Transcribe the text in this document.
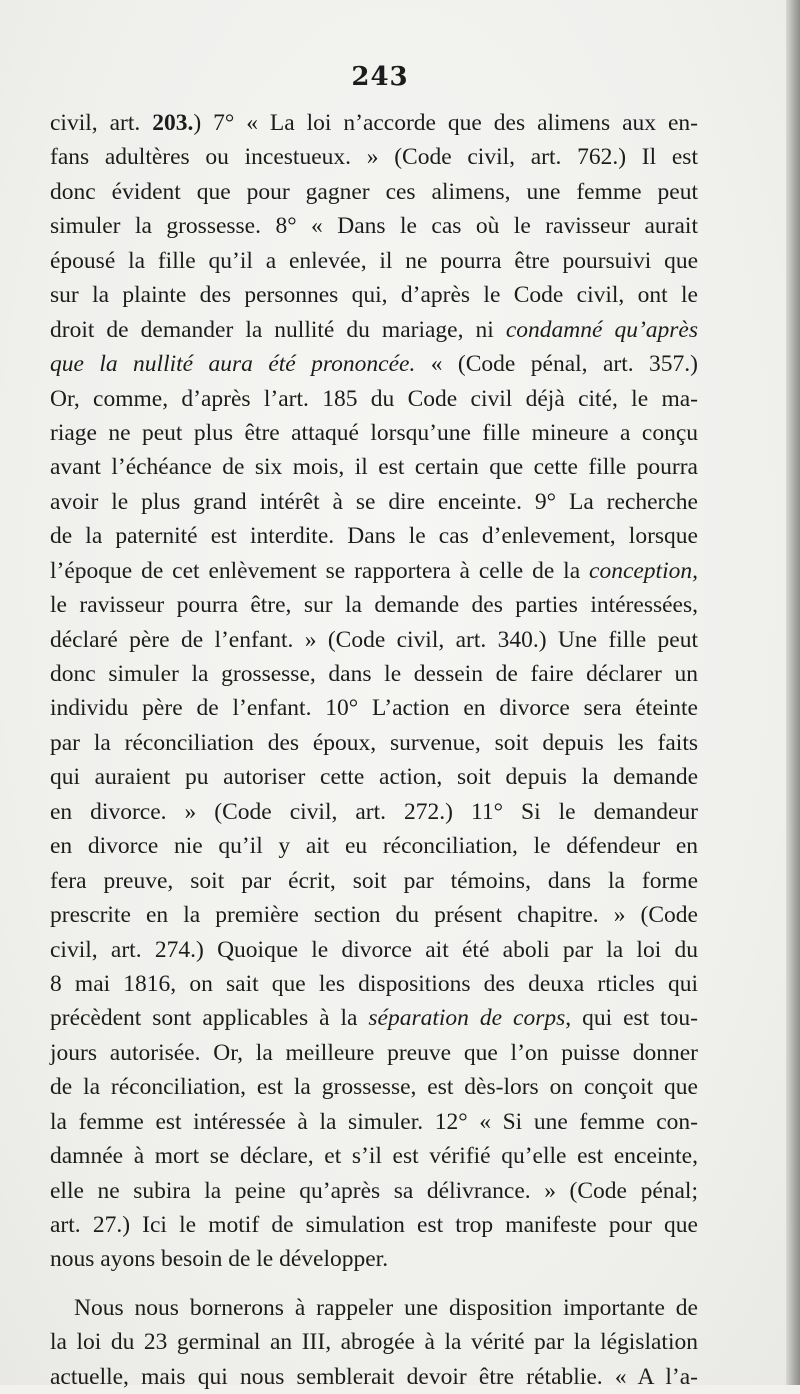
243
civil, art. 203.) 7° « La loi n’accorde que des alimens aux en-
fans adultères ou incestueux. » (Code civil, art. 762.) Il est
donc évident que pour gagner ces alimens, une femme peut
simuler la grossesse. 8° « Dans le cas où le ravisseur aurait
épousé la fille qu’il a enlevée, il ne pourra être poursuivi que
sur la plainte des personnes qui, d’après le Code civil, ont le
droit de demander la nullité du mariage, ni condamné qu’après
que la nullité aura été prononcée. « (Code pénal, art. 357.)
Or, comme, d’après l’art. 185 du Code civil déjà cité, le ma-
riage ne peut plus être attaqué lorsqu’une fille mineure a conçu
avant l’échéance de six mois, il est certain que cette fille pourra
avoir le plus grand intérêt à se dire enceinte. 9° La recherche
de la paternité est interdite. Dans le cas d’enlevement, lorsque
l’époque de cet enlèvement se rapportera à celle de la conception,
le ravisseur pourra être, sur la demande des parties intéressées,
déclaré père de l’enfant. » (Code civil, art. 340.) Une fille peut
donc simuler la grossesse, dans le dessein de faire déclarer un
individu père de l’enfant. 10° L’action en divorce sera éteinte
par la réconciliation des époux, survenue, soit depuis les faits
qui auraient pu autoriser cette action, soit depuis la demande
en divorce. » (Code civil, art. 272.) 11° Si le demandeur
en divorce nie qu’il y ait eu réconciliation, le défendeur en
fera preuve, soit par écrit, soit par témoins, dans la forme
prescrite en la première section du présent chapitre. » (Code
civil, art. 274.) Quoique le divorce ait été aboli par la loi du
8 mai 1816, on sait que les dispositions des deuxa rticles qui
précèdent sont applicables à la séparation de corps, qui est tou-
jours autorisée. Or, la meilleure preuve que l’on puisse donner
de la réconciliation, est la grossesse, est dès-lors on conçoit que
la femme est intéressée à la simuler. 12° « Si une femme con-
damnée à mort se déclare, et s’il est vérifié qu’elle est enceinte,
elle ne subira la peine qu’après sa délivrance. » (Code pénal;
art. 27.) Ici le motif de simulation est trop manifeste pour que
nous ayons besoin de le développer.
Nous nous bornerons à rappeler une disposition importante de
la loi du 23 germinal an III, abrogée à la vérité par la législation
actuelle, mais qui nous semblerait devoir être rétablie. « A l’a-
